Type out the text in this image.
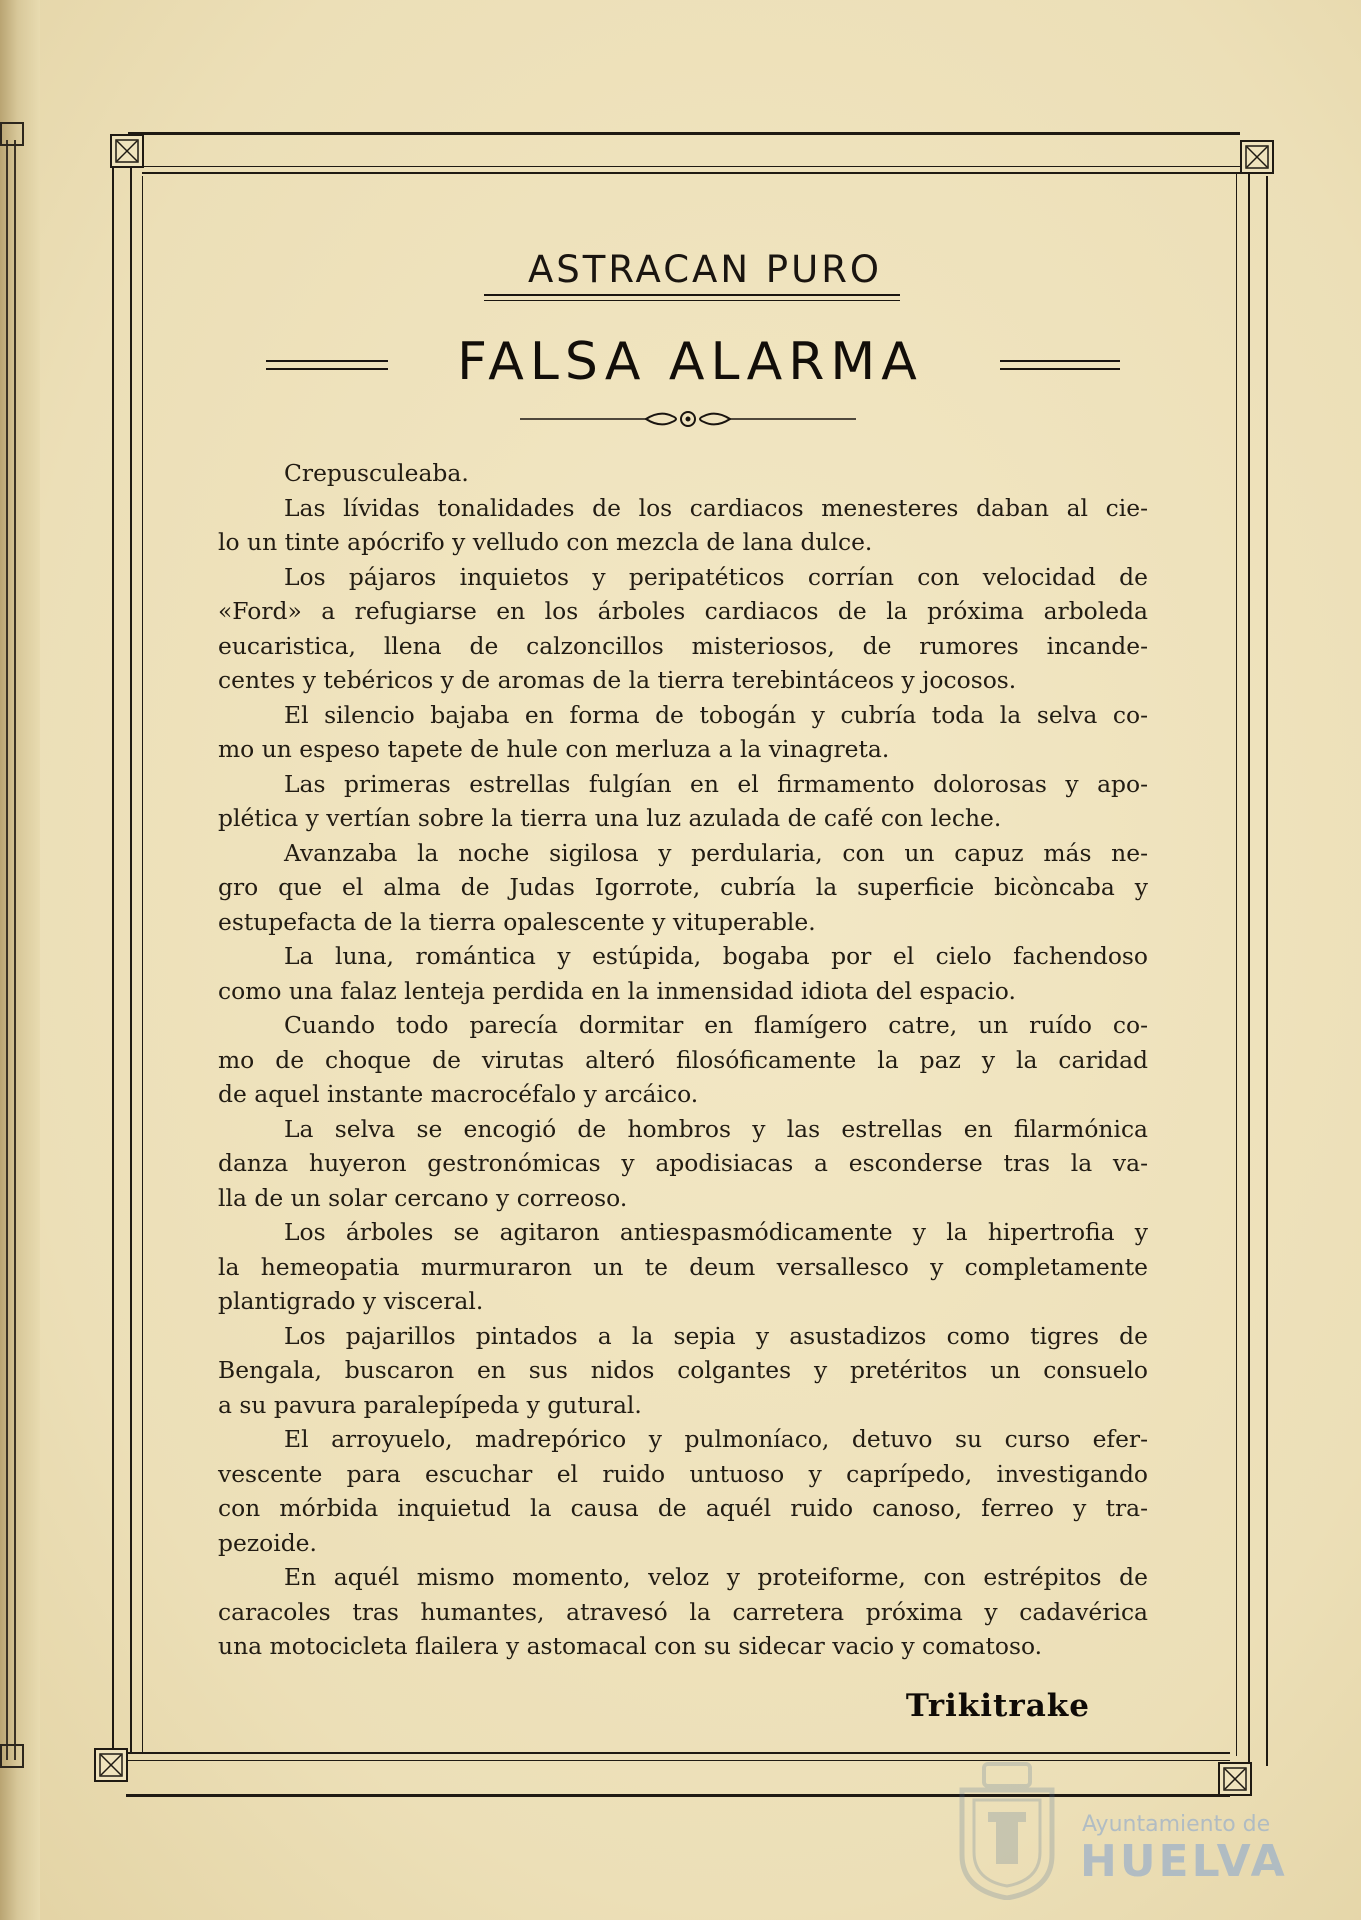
ASTRACAN PURO
FALSA ALARMA

Crepusculeaba.

Las lívidas tonalidades de los cardiacos menesteres daban al cie-
lo un tinte apócrifo y velludo con mezcla de lana dulce.

Los pájaros inquietos y peripatéticos corrían con velocidad de
«Ford» a refugiarse en los árboles cardiacos de la próxima arboleda
eucaristica, llena de calzoncillos misteriosos, de rumores incande-
centes y tebéricos y de aromas de la tierra terebintáceos y jocosos.

El silencio bajaba en forma de tobogán y cubría toda la selva co-
mo un espeso tapete de hule con merluza a la vinagreta.

Las primeras estrellas fulgían en el firmamento dolorosas y apo-
plética y vertían sobre la tierra una luz azulada de café con leche.

Avanzaba la noche sigilosa y perdularia, con un capuz más ne-
gro que el alma de Judas Igorrote, cubría la superficie bicòncaba y
estupefacta de la tierra opalescente y vituperable.

La luna, romántica y estúpida, bogaba por el cielo fachendoso
como una falaz lenteja perdida en la inmensidad idiota del espacio.

Cuando todo parecía dormitar en flamígero catre, un ruído co-
mo de choque de virutas alteró filosóficamente la paz y la caridad
de aquel instante macrocéfalo y arcáico.

La selva se encogió de hombros y las estrellas en filarmónica
danza huyeron gestronómicas y apodisiacas a esconderse tras la va-
lla de un solar cercano y correoso.

Los árboles se agitaron antiespasmódicamente y la hipertrofia y
la hemeopatia murmuraron un te deum versallesco y completamente
plantigrado y visceral.

Los pajarillos pintados a la sepia y asustadizos como tigres de
Bengala, buscaron en sus nidos colgantes y pretéritos un consuelo
a su pavura paralepípeda y gutural.

El arroyuelo, madrepórico y pulmoníaco, detuvo su curso efer-
vescente para escuchar el ruido untuoso y caprípedo, investigando
con mórbida inquietud la causa de aquél ruido canoso, ferreo y tra-
pezoide.

En aquél mismo momento, veloz y proteiforme, con estrépitos de
caracoles tras humantes, atravesó la carretera próxima y cadavérica
una motocicleta flailera y astomacal con su sidecar vacio y comatoso.

Trikitrake
Ayuntamiento de
HUELVA
